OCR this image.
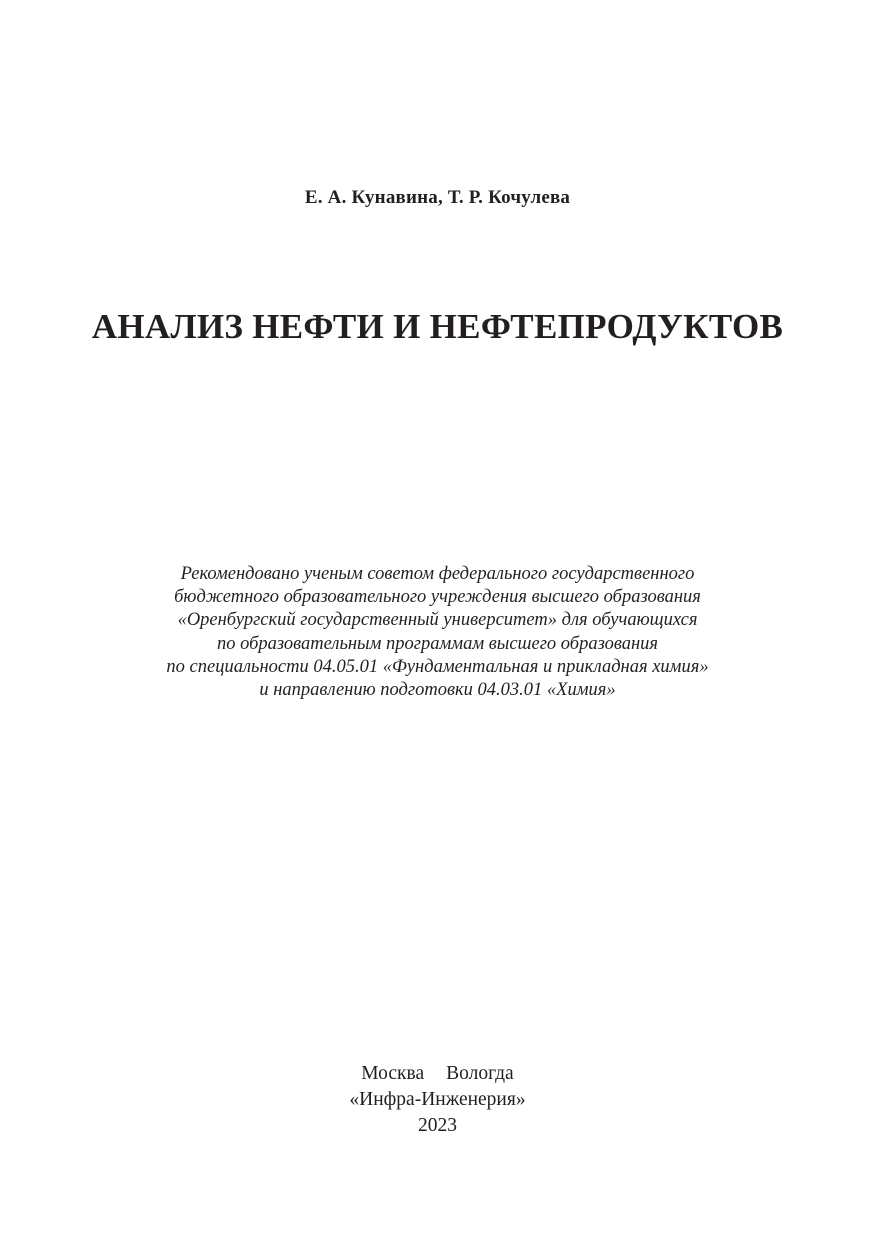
Е. А. Кунавина, Т. Р. Кочулева
АНАЛИЗ НЕФТИ И НЕФТЕПРОДУКТОВ
Рекомендовано ученым советом федерального государственного
бюджетного образовательного учреждения высшего образования
«Оренбургский государственный университет» для обучающихся
по образовательным программам высшего образования
по специальности 04.05.01 «Фундаментальная и прикладная химия»
и направлению подготовки 04.03.01 «Химия»
Москва Вологда
«Инфра-Инженерия»
2023
